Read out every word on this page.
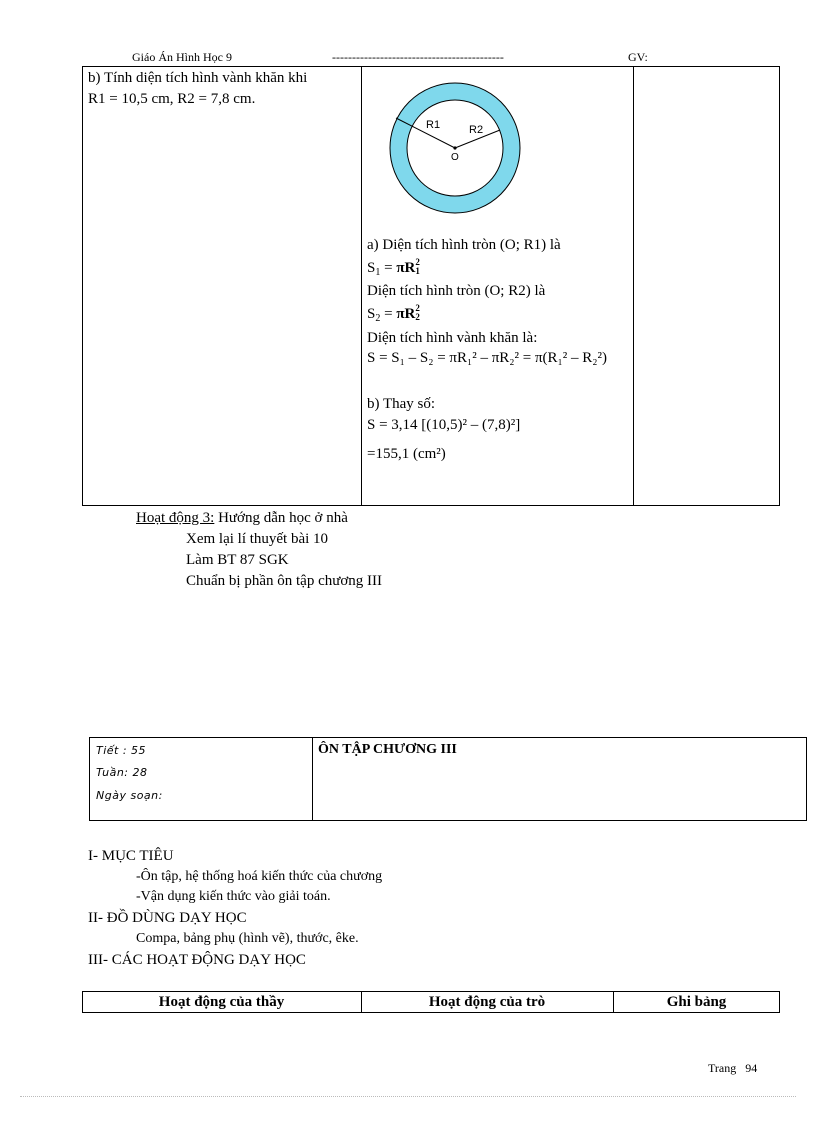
Giáo Án Hình Học 9	-------------------------------------------	GV:
b) Tính diện tích hình vành khăn khi
R1 = 10,5 cm, R2 = 7,8 cm.
R1	R2
O
a) Diện tích hình tròn (O; R1) là
$S_1 = \pi R$ 2
1
Diện tích hình tròn (O; R2) là
$S_2 = \pi R$ 2
2
Diện tích hình vành khăn là:
S = S₁ – S₂ = πR₁² – πR₂² = π(R₁² – R₂²)
b) Thay số:
S = 3,14 [(10,5)² – (7,8)²]
=155,1 (cm²)
Hoạt động 3: Hướng dẫn học ở nhà
Xem lại lí thuyết bài 10
Làm BT 87 SGK
Chuẩn bị phần ôn tập chương III
Tiết : 55
Tuần: 28
Ngày soạn:
ÔN TẬP CHƯƠNG III
I- MỤC TIÊU
-Ôn tập, hệ thống hoá kiến thức của chương
-Vận dụng kiến thức vào giải toán.
II- ĐỒ DÙNG DẠY HỌC
Compa, bảng phụ (hình vẽ), thước, êke.
III- CÁC HOẠT ĐỘNG DẠY HỌC
Hoạt động của thầy	Hoạt động của trò	Ghi bảng
Trang 94
